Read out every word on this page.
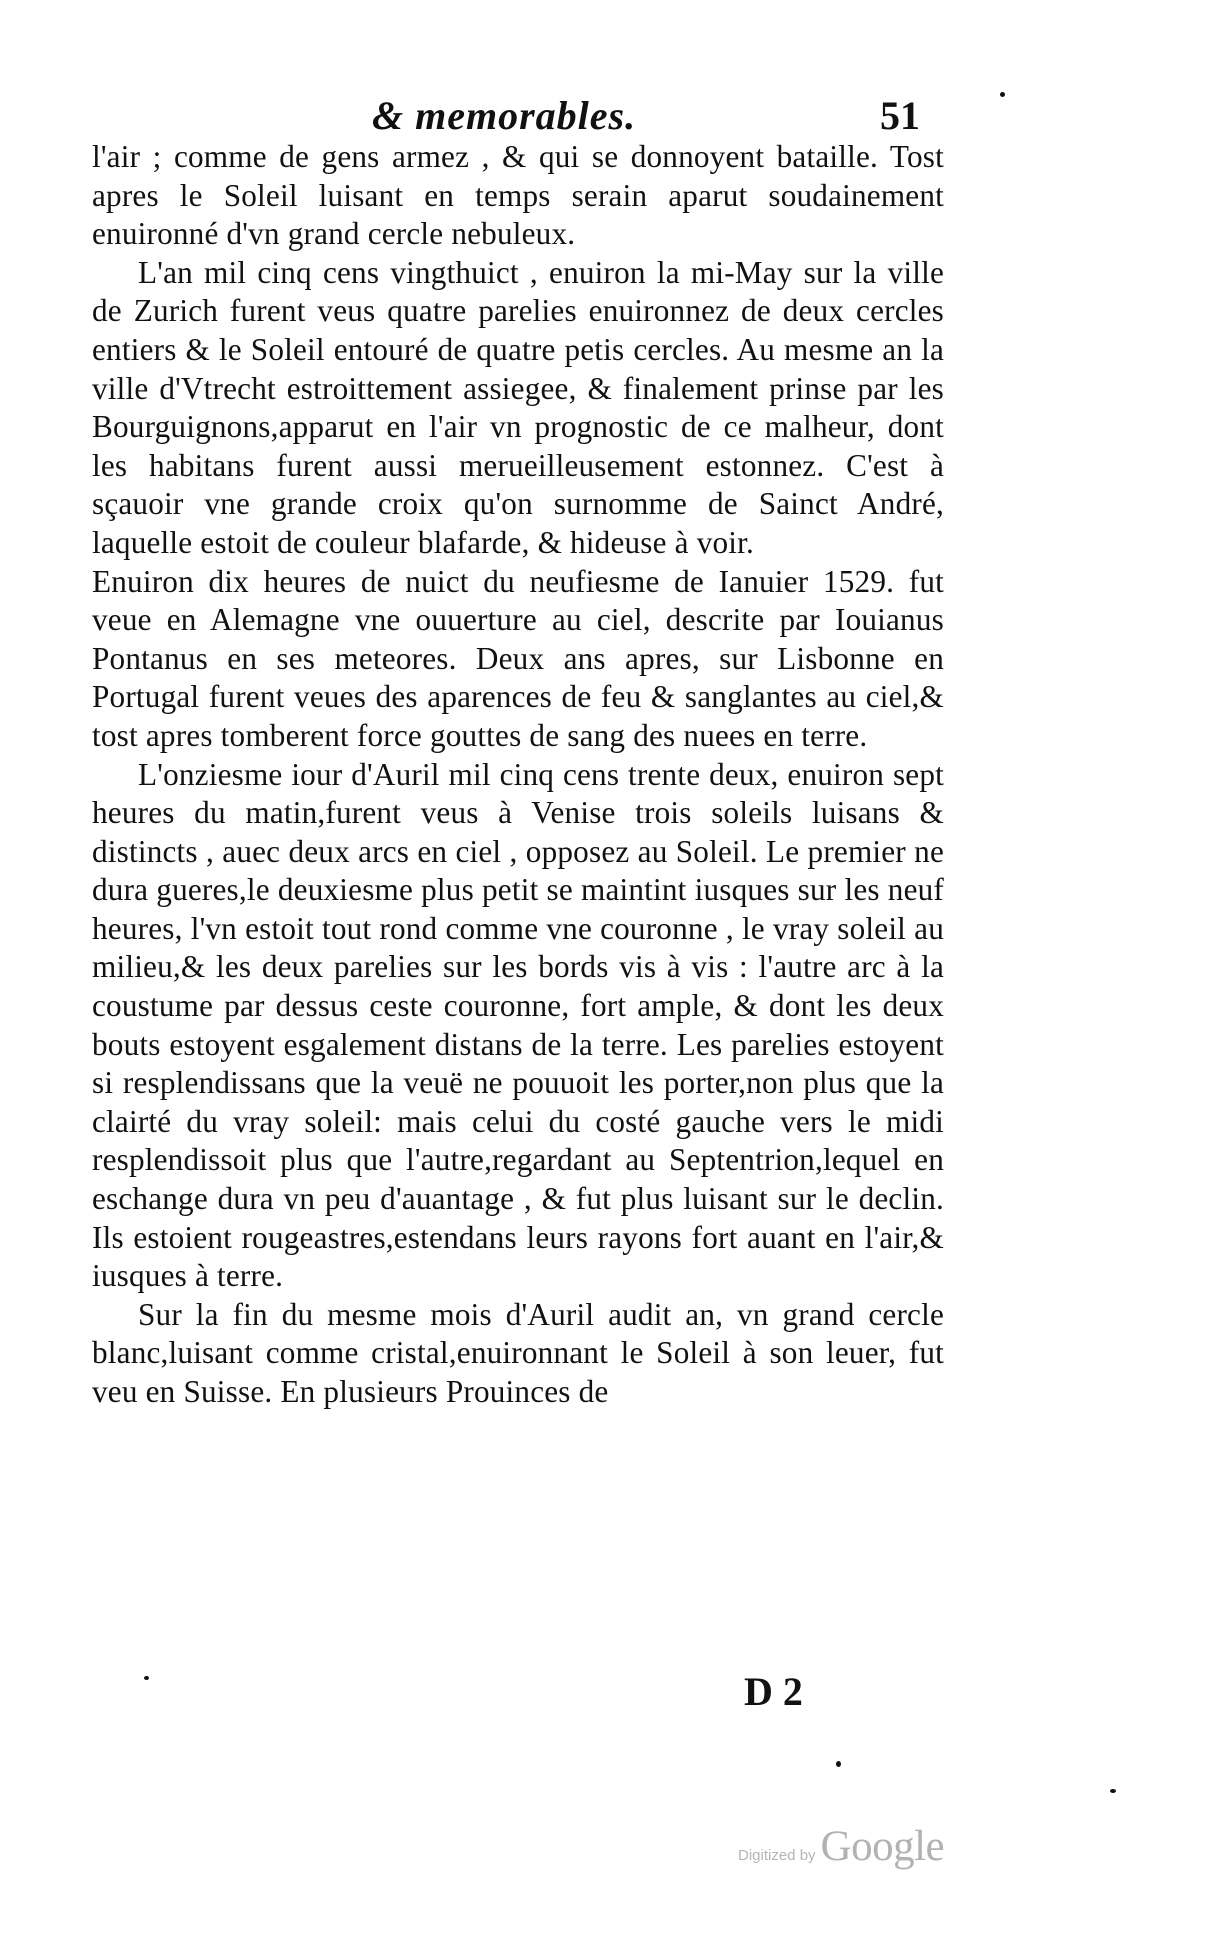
& memorables.	51

l'air ; comme de gens armez , & qui se donnoyent bataille. Tost apres le Soleil luisant en temps serain aparut soudainement enuironné d'vn grand cercle nebuleux.

L'an mil cinq cens vingthuict , enuiron la mi-May sur la ville de Zurich furent veus quatre parelies enuironnez de deux cercles entiers & le Soleil entouré de quatre petis cercles. Au mesme an la ville d'Vtrecht estroittement assiegee, & finalement prinse par les Bourguignons,apparut en l'air vn prognostic de ce malheur, dont les habitans furent aussi merueilleusement estonnez. C'est à sçauoir vne grande croix qu'on surnomme de Sainct André, laquelle estoit de couleur blafarde, & hideuse à voir.

Enuiron dix heures de nuict du neufiesme de Ianuier 1529. fut veue en Alemagne vne ouuerture au ciel, descrite par Iouianus Pontanus en ses meteores. Deux ans apres, sur Lisbonne en Portugal furent veues des aparences de feu & sanglantes au ciel,& tost apres tomberent force gouttes de sang des nuees en terre.

L'onziesme iour d'Auril mil cinq cens trente deux, enuiron sept heures du matin,furent veus à Venise trois soleils luisans & distincts , auec deux arcs en ciel , opposez au Soleil. Le premier ne dura gueres,le deuxiesme plus petit se maintint iusques sur les neuf heures, l'vn estoit tout rond comme vne couronne , le vray soleil au milieu,& les deux parelies sur les bords vis à vis : l'autre arc à la coustume par dessus ceste couronne, fort ample, & dont les deux bouts estoyent esgalement distans de la terre. Les parelies estoyent si resplendissans que la veuë ne pouuoit les porter,non plus que la clairté du vray soleil: mais celui du costé gauche vers le midi resplendissoit plus que l'autre,regardant au Septentrion,lequel en eschange dura vn peu d'auantage , & fut plus luisant sur le declin. Ils estoient rougeastres,estendans leurs rayons fort auant en l'air,& iusques à terre.

Sur la fin du mesme mois d'Auril audit an, vn grand cercle blanc,luisant comme cristal,enuironnant le Soleil à son leuer, fut veu en Suisse. En plusieurs Prouinces de

D 2
Digitized by Google
